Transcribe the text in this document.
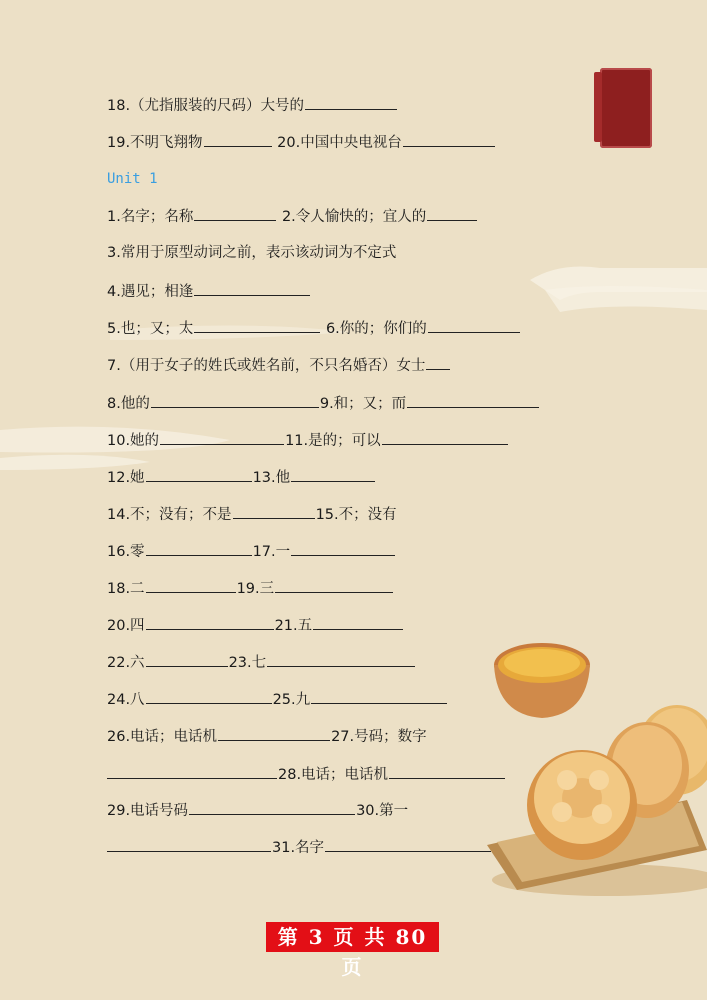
18.（尤指服装的尺码）大号的
19.不明飞翔物	20.中国中央电视台
Unit 1
1.名字；名称	2.令人愉快的；宜人的
3.常用于原型动词之前，表示该动词为不定式
4.遇见；相逢
5.也；又；太	6.你的；你们的
7.（用于女子的姓氏或姓名前，不只名婚否）女士
8.他的	9.和；又；而
10.她的	11.是的；可以
12.她	13.他
14.不；没有；不是	15.不；没有
16.零	17.一
18.二	19.三
20.四	21.五
22.六	23.七
24.八	25.九
26.电话；电话机	27.号码；数字
28.电话；电话机
29.电话号码	30.第一
31.名字
第 3 页 共 80 页
